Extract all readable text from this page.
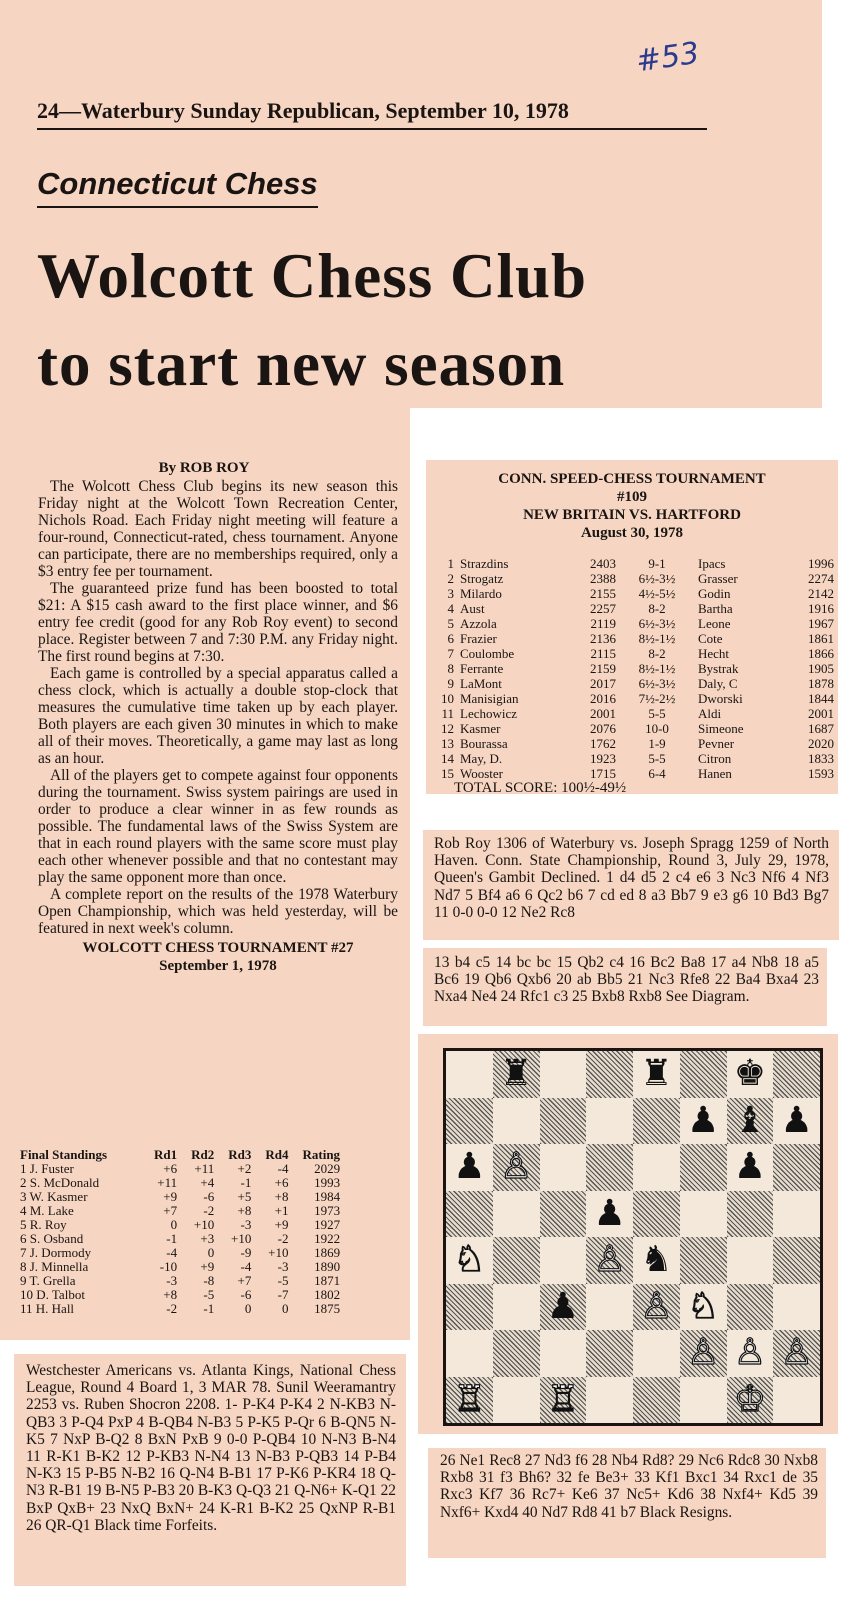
#53
24—Waterbury Sunday Republican, September 10, 1978
Connecticut Chess
Wolcott Chess Club
to start new season
By ROB ROY

The Wolcott Chess Club begins its new season this Friday night at the Wolcott Town Recreation Center, Nichols Road. Each Friday night meeting will feature a four-round, Connecticut-rated, chess tournament. Anyone can participate, there are no memberships required, only a $3 entry fee per tournament.

The guaranteed prize fund has been boosted to total $21: A $15 cash award to the first place winner, and $6 entry fee credit (good for any Rob Roy event) to second place. Register between 7 and 7:30 P.M. any Friday night. The first round begins at 7:30.

Each game is controlled by a special apparatus called a chess clock, which is actually a double stop-clock that measures the cumulative time taken up by each player. Both players are each given 30 minutes in which to make all of their moves. Theoretically, a game may last as long as an hour.

All of the players get to compete against four opponents during the tournament. Swiss system pairings are used in order to produce a clear winner in as few rounds as possible. The fundamental laws of the Swiss System are that in each round players with the same score must play each other whenever possible and that no contestant may play the same opponent more than once.

A complete report on the results of the 1978 Waterbury Open Championship, which was held yesterday, will be featured in next week's column.

WOLCOTT CHESS TOURNAMENT #27
September 1, 1978
Final Standings	Rd1	Rd2	Rd3	Rd4	Rating
1 J. Fuster	+6	+11	+2	-4	2029
2 S. McDonald	+11	+4	-1	+6	1993
3 W. Kasmer	+9	-6	+5	+8	1984
4 M. Lake	+7	-2	+8	+1	1973
5 R. Roy	0	+10	-3	+9	1927
6 S. Osband	-1	+3	+10	-2	1922
7 J. Dormody	-4	0	-9	+10	1869
8 J. Minnella	-10	+9	-4	-3	1890
9 T. Grella	-3	-8	+7	-5	1871
10 D. Talbot	+8	-5	-6	-7	1802
11 H. Hall	-2	-1	0	0	1875
Westchester Americans vs. Atlanta Kings, National Chess League, Round 4 Board 1, 3 MAR 78. Sunil Weeramantry 2253 vs. Ruben Shocron 2208. 1- P-K4 P-K4 2 N-KB3 N-QB3 3 P-Q4 PxP 4 B-QB4 N-B3 5 P-K5 P-Qr 6 B-QN5 N-K5 7 NxP B-Q2 8 BxN PxB 9 0-0 P-QB4 10 N-N3 B-N4 11 R-K1 B-K2 12 P-KB3 N-N4 13 N-B3 P-QB3 14 P-B4 N-K3 15 P-B5 N-B2 16 Q-N4 B-B1 17 P-K6 P-KR4 18 Q-N3 R-B1 19 B-N5 P-B3 20 B-K3 Q-Q3 21 Q-N6+ K-Q1 22 BxP QxB+ 23 NxQ BxN+ 24 K-R1 B-K2 25 QxNP R-B1 26 QR-Q1 Black time Forfeits.
CONN. SPEED-CHESS TOURNAMENT
#109
NEW BRITAIN VS. HARTFORD
August 30, 1978
1	Strazdins	2403	9-1	Ipacs	1996
2	Strogatz	2388	6½-3½	Grasser	2274
3	Milardo	2155	4½-5½	Godin	2142
4	Aust	2257	8-2	Bartha	1916
5	Azzola	2119	6½-3½	Leone	1967
6	Frazier	2136	8½-1½	Cote	1861
7	Coulombe	2115	8-2	Hecht	1866
8	Ferrante	2159	8½-1½	Bystrak	1905
9	LaMont	2017	6½-3½	Daly, C	1878
10	Manisigian	2016	7½-2½	Dworski	1844
11	Lechowicz	2001	5-5	Aldi	2001
12	Kasmer	2076	10-0	Simeone	1687
13	Bourassa	1762	1-9	Pevner	2020
14	May, D.	1923	5-5	Citron	1833
15	Wooster	1715	6-4	Hanen	1593
TOTAL SCORE: 100½-49½
Rob Roy 1306 of Waterbury vs. Joseph Spragg 1259 of North Haven. Conn. State Championship, Round 3, July 29, 1978, Queen's Gambit Declined. 1 d4 d5 2 c4 e6 3 Nc3 Nf6 4 Nf3 Nd7 5 Bf4 a6 6 Qc2 b6 7 cd ed 8 a3 Bb7 9 e3 g6 10 Bd3 Bg7 11 0-0 0-0 12 Ne2 Rc8
13 b4 c5 14 bc bc 15 Qb2 c4 16 Bc2 Ba8 17 a4 Nb8 18 a5 Bc6 19 Qb6 Qxb6 20 ab Bb5 21 Nc3 Rfe8 22 Ba4 Bxa4 23 Nxa4 Ne4 24 Rfc1 c3 25 Bxb8 Rxb8 See Diagram.
♜	♜ ♚
♟ ♝ ♟
♟ ♙	♟
♟
♘	♙ ♞
♟ ♙ ♘
♙ ♙ ♙
♖ ♖	♔
26 Ne1 Rec8 27 Nd3 f6 28 Nb4 Rd8? 29 Nc6 Rdc8 30 Nxb8 Rxb8 31 f3 Bh6? 32 fe Be3+ 33 Kf1 Bxc1 34 Rxc1 de 35 Rxc3 Kf7 36 Rc7+ Ke6 37 Nc5+ Kd6 38 Nxf4+ Kd5 39 Nxf6+ Kxd4 40 Nd7 Rd8 41 b7 Black Resigns.
